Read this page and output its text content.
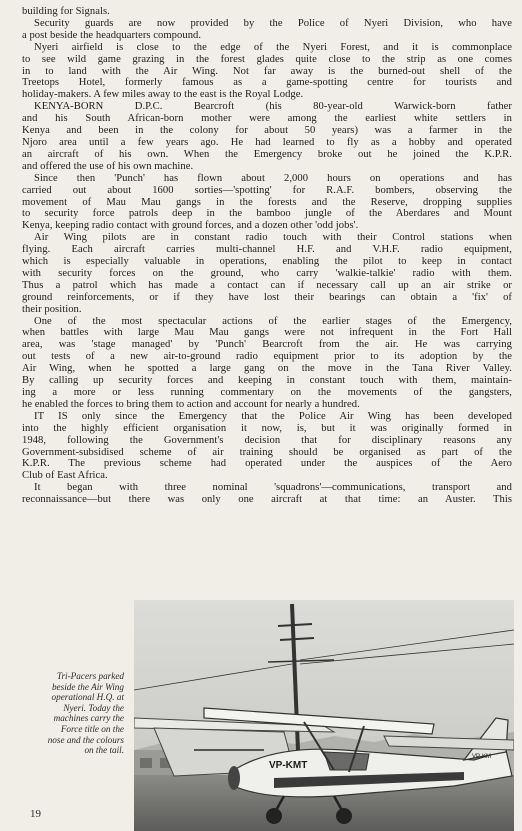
building for Signals.
Security guards are now provided by the Police of Nyeri Division, who have
a post beside the headquarters compound.
Nyeri airfield is close to the edge of the Nyeri Forest, and it is commonplace
to see wild game grazing in the forest glades quite close to the strip as one comes
in to land with the Air Wing. Not far away is the burned-out shell of the
Treetops Hotel, formerly famous as a game-spotting centre for tourists and
holiday-makers. A few miles away to the east is the Royal Lodge.
KENYA-BORN D.P.C. Bearcroft (his 80-year-old Warwick-born father
and his South African-born mother were among the earliest white settlers in
Kenya and been in the colony for about 50 years) was a farmer in the
Njoro area until a few years ago. He had learned to fly as a hobby and operated
an aircraft of his own. When the Emergency broke out he joined the K.P.R.
and offered the use of his own machine.
Since then 'Punch' has flown about 2,000 hours on operations and has
carried out about 1600 sorties—'spotting' for R.A.F. bombers, observing the
movement of Mau Mau gangs in the forests and the Reserve, dropping supplies
to security force patrols deep in the bamboo jungle of the Aberdares and Mount
Kenya, keeping radio contact with ground forces, and a dozen other 'odd jobs'.
Air Wing pilots are in constant radio touch with their Control stations when
flying. Each aircraft carries multi-channel H.F. and V.H.F. radio equipment,
which is especially valuable in operations, enabling the pilot to keep in contact
with security forces on the ground, who carry 'walkie-talkie' radio with them.
Thus a patrol which has made a contact can if necessary call up an air strike or
ground reinforcements, or if they have lost their bearings can obtain a 'fix' of
their position.
One of the most spectacular actions of the earlier stages of the Emergency,
when battles with large Mau Mau gangs were not infrequent in the Fort Hall
area, was 'stage managed' by 'Punch' Bearcroft from the air. He was carrying
out tests of a new air-to-ground radio equipment prior to its adoption by the
Air Wing, when he spotted a large gang on the move in the Tana River Valley.
By calling up security forces and keeping in constant touch with them, maintain-
ing a more or less running commentary on the movements of the gangsters,
he enabled the forces to bring them to action and account for nearly a hundred.
IT IS only since the Emergency that the Police Air Wing has been developed
into the highly efficient organisation it now, is, but it was originally formed in
1948, following the Government's decision that for disciplinary reasons any
Government-subsidised scheme of air training should be organised as part of the
K.P.R. The previous scheme had operated under the auspices of the Aero
Club of East Africa.
It began with three nominal 'squadrons'—communications, transport and
reconnaissance—but there was only one aircraft at that time: an Auster. This
Tri-Pacers parked
beside the Air Wing
operational H.Q. at
Nyeri. Today the
machines carry the
Force title on the
nose and the colours
on the tail.
VP-KMT
VP-KM
19
